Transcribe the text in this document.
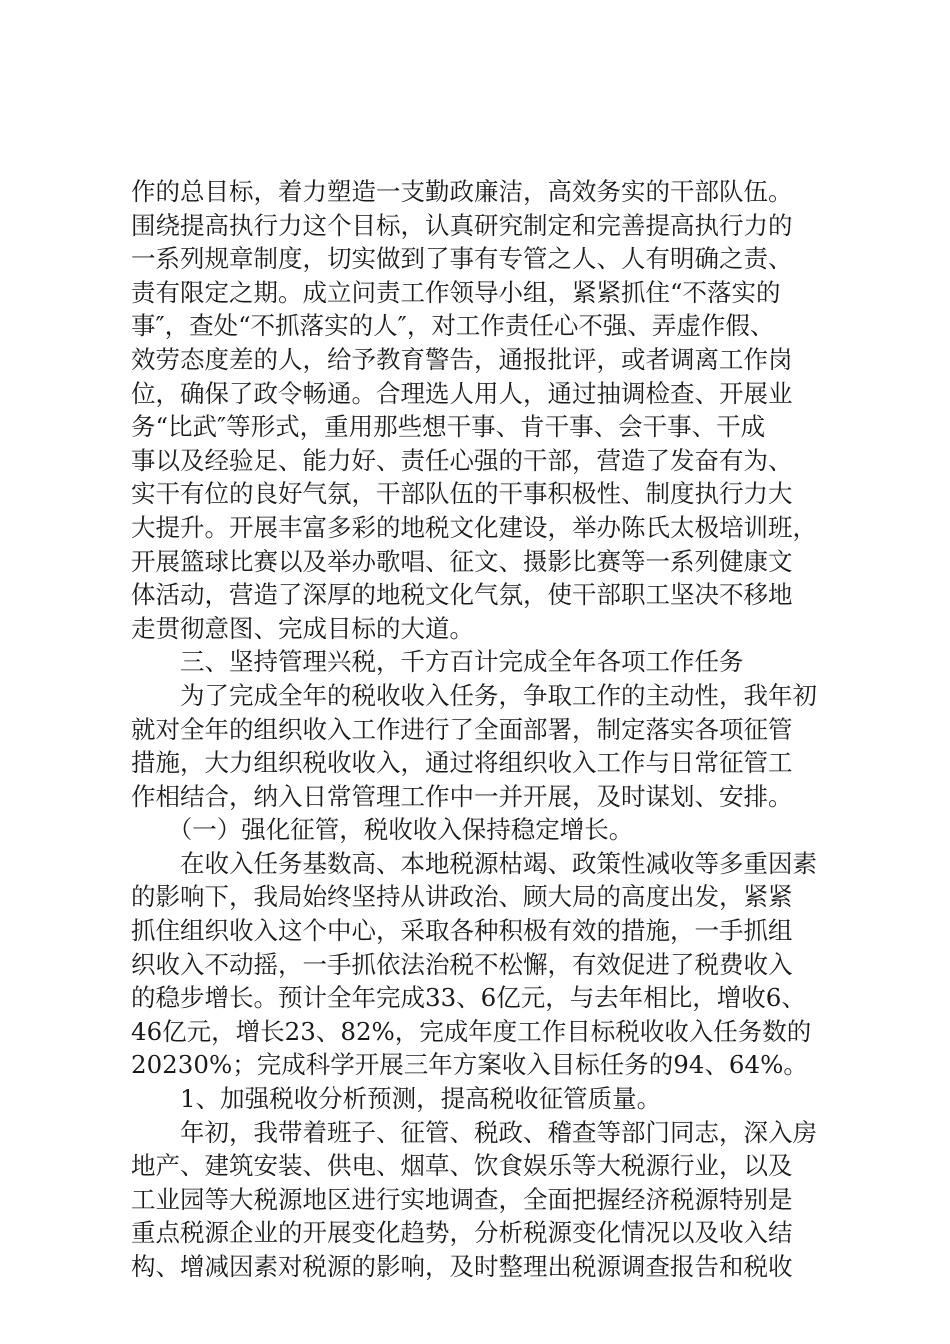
作的总目标，着力塑造一支勤政廉洁，高效务实的干部队伍。
围绕提高执行力这个目标，认真研究制定和完善提高执行力的
一系列规章制度，切实做到了事有专管之人、人有明确之责、
责有限定之期。成立问责工作领导小组，紧紧抓住“不落实的
事″，查处“不抓落实的人″，对工作责任心不强、弄虚作假、
效劳态度差的人，给予教育警告，通报批评，或者调离工作岗
位，确保了政令畅通。合理选人用人，通过抽调检查、开展业
务“比武″等形式，重用那些想干事、肯干事、会干事、干成
事以及经验足、能力好、责任心强的干部，营造了发奋有为、
实干有位的良好气氛，干部队伍的干事积极性、制度执行力大
大提升。开展丰富多彩的地税文化建设，举办陈氏太极培训班，
开展篮球比赛以及举办歌唱、征文、摄影比赛等一系列健康文
体活动，营造了深厚的地税文化气氛，使干部职工坚决不移地
走贯彻意图、完成目标的大道。
　　三、坚持管理兴税，千方百计完成全年各项工作任务
　　为了完成全年的税收收入任务，争取工作的主动性，我年初
就对全年的组织收入工作进行了全面部署，制定落实各项征管
措施，大力组织税收收入，通过将组织收入工作与日常征管工
作相结合，纳入日常管理工作中一并开展，及时谋划、安排。
　　（一）强化征管，税收收入保持稳定增长。
　　在收入任务基数高、本地税源枯竭、政策性减收等多重因素
的影响下，我局始终坚持从讲政治、顾大局的高度出发，紧紧
抓住组织收入这个中心，采取各种积极有效的措施，一手抓组
织收入不动摇，一手抓依法治税不松懈，有效促进了税费收入
的稳步增长。预计全年完成33、6亿元，与去年相比，增收6、
46亿元，增长23、82%，完成年度工作目标税收收入任务数的
20230%；完成科学开展三年方案收入目标任务的94、64%。
　　1、加强税收分析预测，提高税收征管质量。
　　年初，我带着班子、征管、税政、稽查等部门同志，深入房
地产、建筑安装、供电、烟草、饮食娱乐等大税源行业，以及
工业园等大税源地区进行实地调查，全面把握经济税源特别是
重点税源企业的开展变化趋势，分析税源变化情况以及收入结
构、增减因素对税源的影响，及时整理出税源调查报告和税收
